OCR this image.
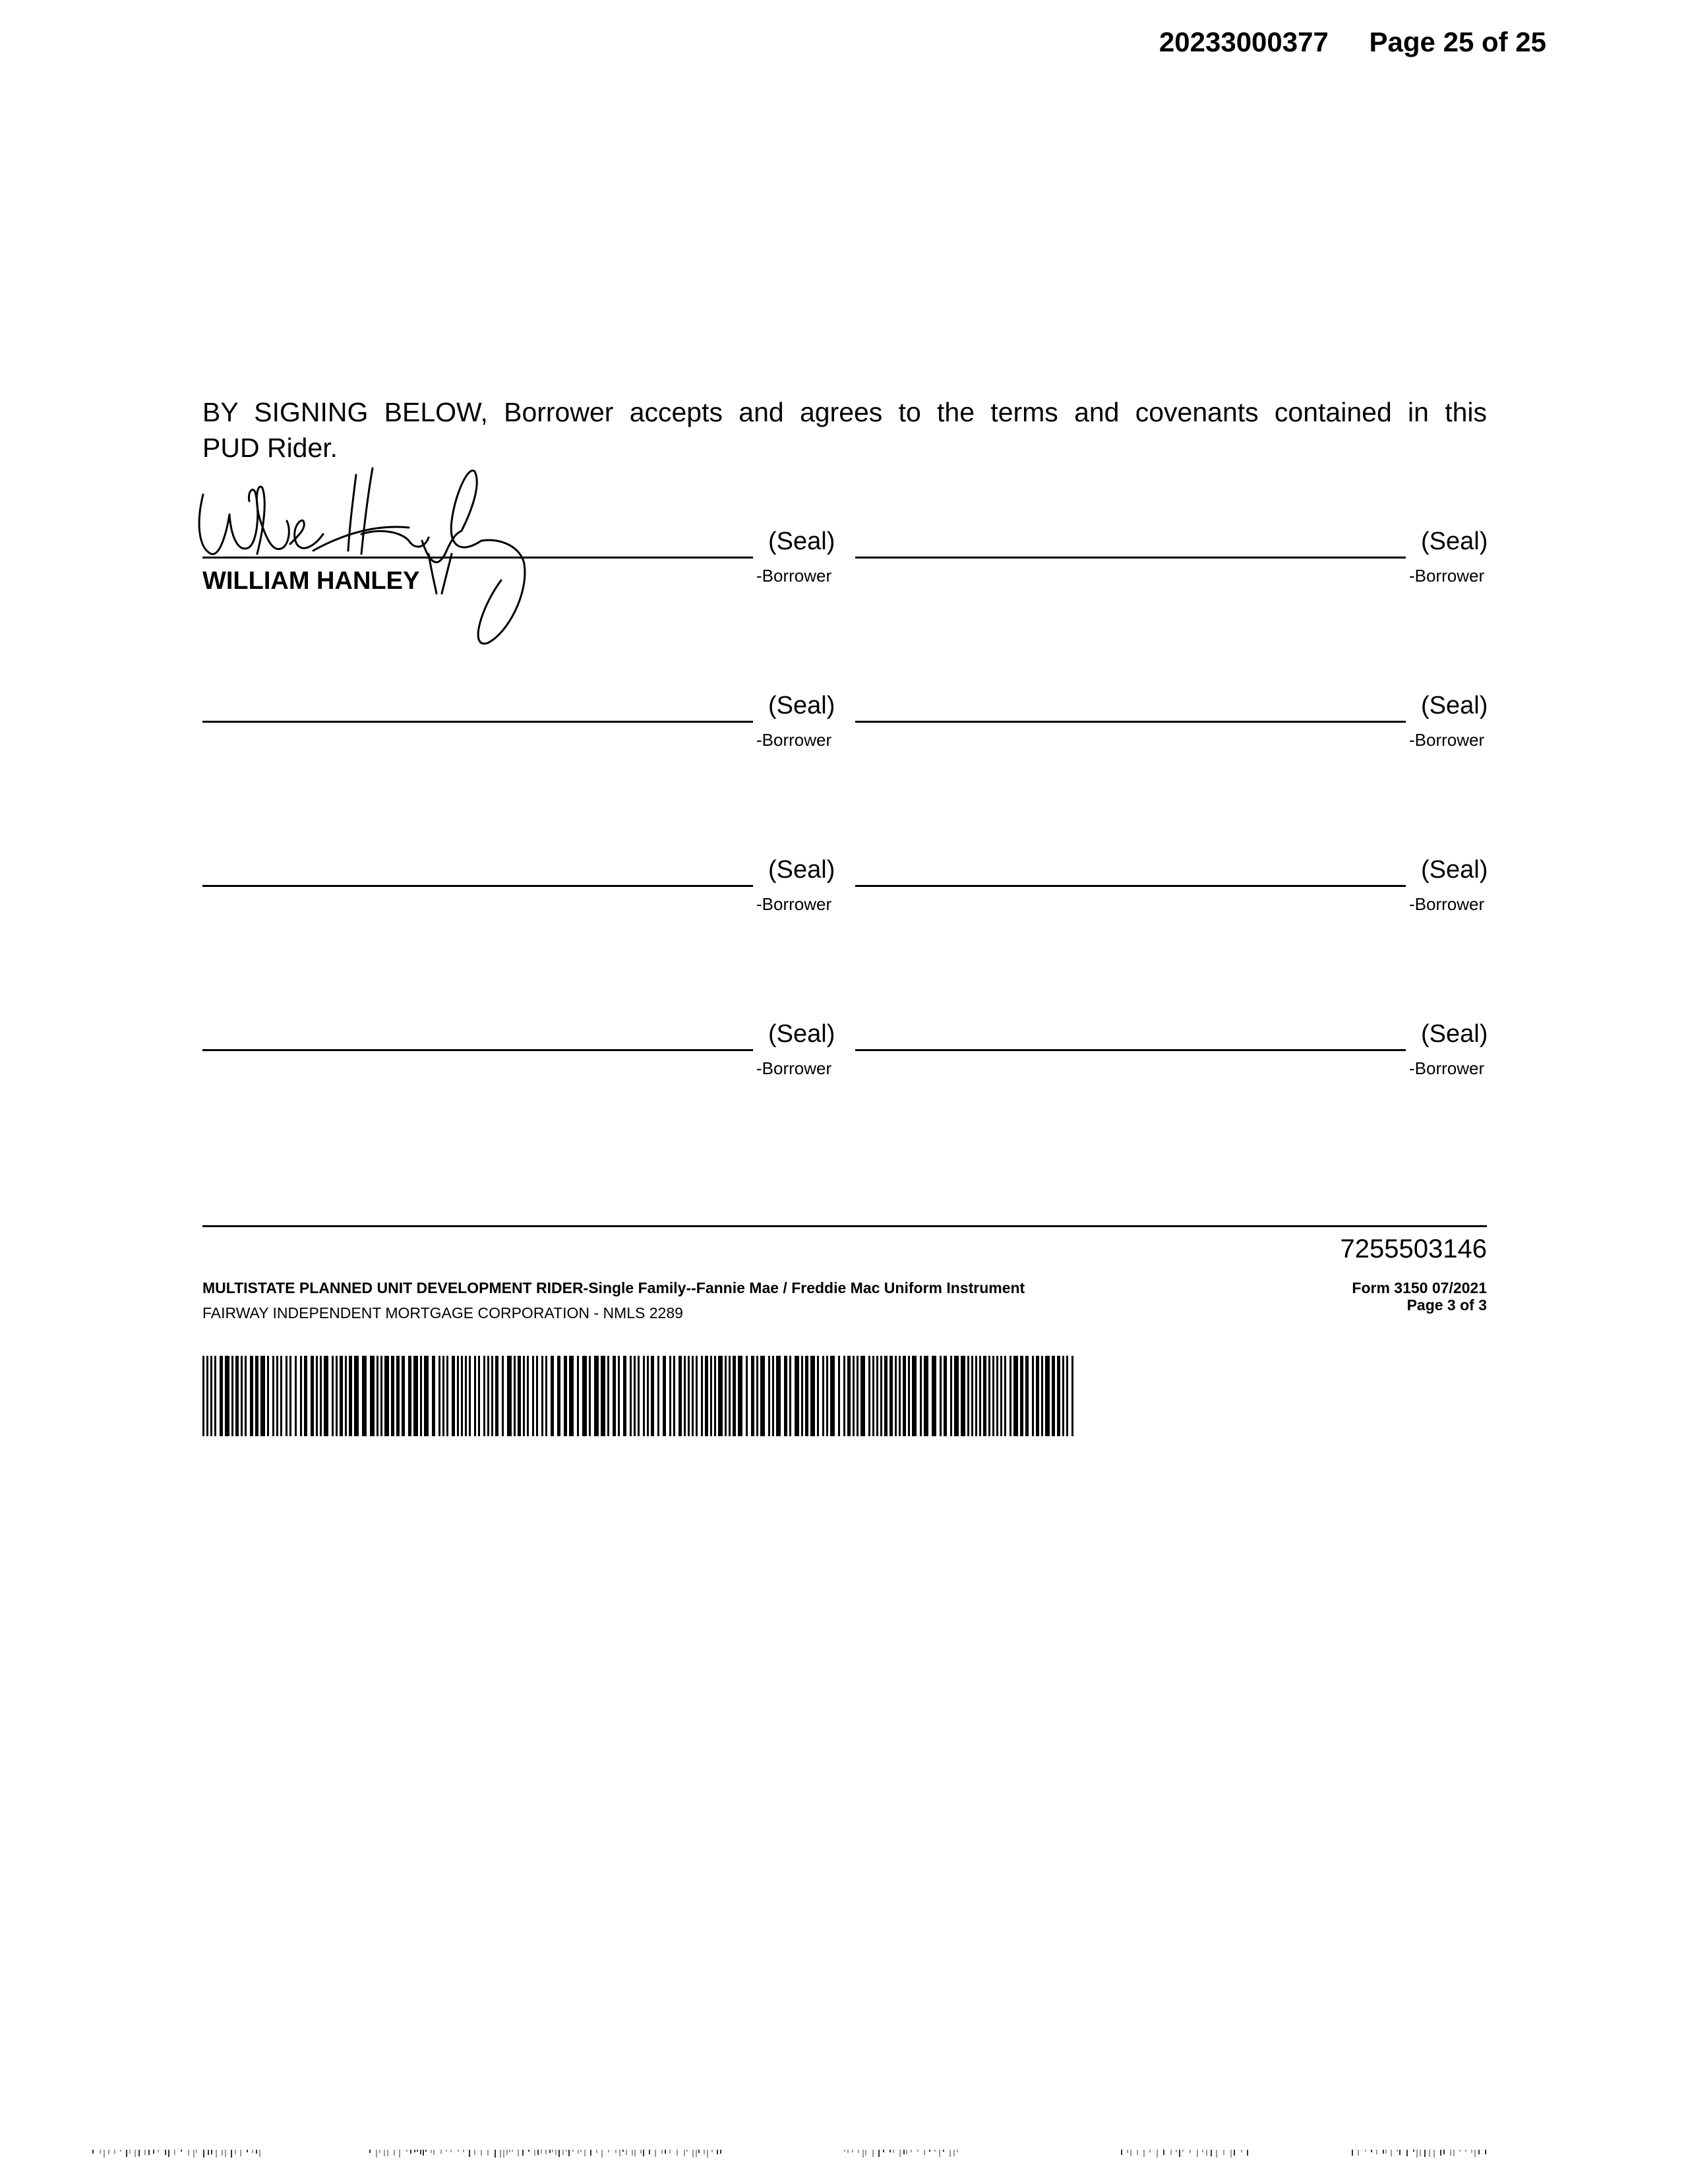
20233000377 Page 25 of 25
BY SIGNING BELOW, Borrower accepts and agrees to the terms and covenants contained in this
PUD Rider.
(Seal)
-Borrower
WILLIAM HANLEY
(Seal)
-Borrower
(Seal)
-Borrower
(Seal)
-Borrower
(Seal)
-Borrower
(Seal)
-Borrower
(Seal)
-Borrower
(Seal)
-Borrower
7255503146
MULTISTATE PLANNED UNIT DEVELOPMENT RIDER-Single Family--Fannie Mae / Freddie Mac Uniform Instrument
FAIRWAY INDEPENDENT MORTGAGE CORPORATION - NMLS 2289
Form 3150 07/2021
Page 3 of 3
